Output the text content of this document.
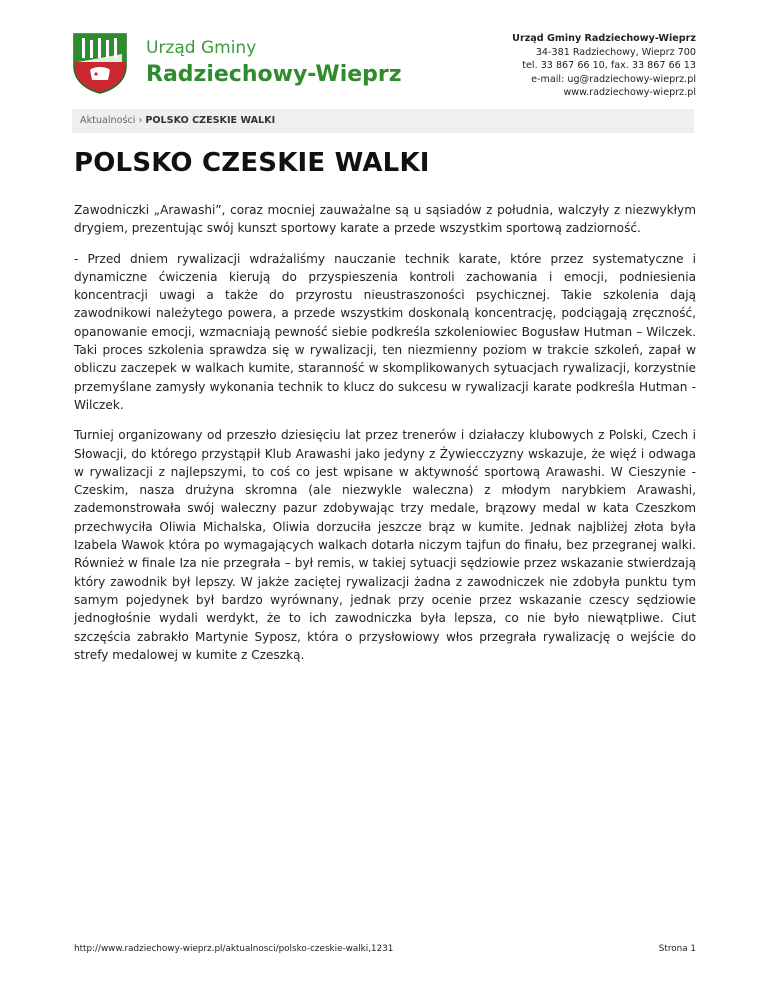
Urząd Gminy
Radziechowy-Wieprz
Urząd Gminy Radziechowy-Wieprz
34-381 Radziechowy, Wieprz 700
tel. 33 867 66 10, fax. 33 867 66 13
e-mail: ug@radziechowy-wieprz.pl
www.radziechowy-wieprz.pl
Aktualności › POLSKO CZESKIE WALKI
POLSKO CZESKIE WALKI

Zawodniczki „Arawashi”, coraz mocniej zauważalne są u sąsiadów z południa, walczyły z niezwykłym drygiem, prezentując swój kunszt sportowy karate a przede wszystkim sportową zadziorność.

- Przed dniem rywalizacji wdrażaliśmy nauczanie technik karate, które przez systematyczne i dynamiczne ćwiczenia kierują do przyspieszenia kontroli zachowania i emocji, podniesienia koncentracji uwagi a także do przyrostu nieustraszoności psychicznej. Takie szkolenia dają zawodnikowi należytego powera, a przede wszystkim doskonalą koncentrację, podciągają zręczność, opanowanie emocji, wzmacniają pewność siebie podkreśla szkoleniowiec Bogusław Hutman – Wilczek. Taki proces szkolenia sprawdza się w rywalizacji, ten niezmienny poziom w trakcie szkoleń, zapał w obliczu zaczepek w walkach kumite, staranność w skomplikowanych sytuacjach rywalizacji, korzystnie przemyślane zamysły wykonania technik to klucz do sukcesu w rywalizacji karate podkreśla Hutman - Wilczek.

Turniej organizowany od przeszło dziesięciu lat przez trenerów i działaczy klubowych z Polski, Czech i Słowacji, do którego przystąpił Klub Arawashi jako jedyny z Żywiecczyzny wskazuje, że więź i odwaga w rywalizacji z najlepszymi, to coś co jest wpisane w aktywność sportową Arawashi. W Cieszynie - Czeskim, nasza drużyna skromna (ale niezwykle waleczna) z młodym narybkiem Arawashi, zademonstrowała swój waleczny pazur zdobywając trzy medale, brązowy medal w kata Czeszkom przechwyciła Oliwia Michalska, Oliwia dorzuciła jeszcze brąz w kumite. Jednak najbliżej złota była Izabela Wawok która po wymagających walkach dotarła niczym tajfun do finału, bez przegranej walki. Również w finale Iza nie przegrała – był remis, w takiej sytuacji sędziowie przez wskazanie stwierdzają który zawodnik był lepszy. W jakże zaciętej rywalizacji żadna z zawodniczek nie zdobyła punktu tym samym pojedynek był bardzo wyrównany, jednak przy ocenie przez wskazanie czescy sędziowie jednogłośnie wydali werdykt, że to ich zawodniczka była lepsza, co nie było niewątpliwe. Ciut szczęścia zabrakło Martynie Syposz, która o przysłowiowy włos przegrała rywalizację o wejście do strefy medalowej w kumite z Czeszką.

http://www.radziechowy-wieprz.pl/aktualnosci/polsko-czeskie-walki,1231	Strona 1
